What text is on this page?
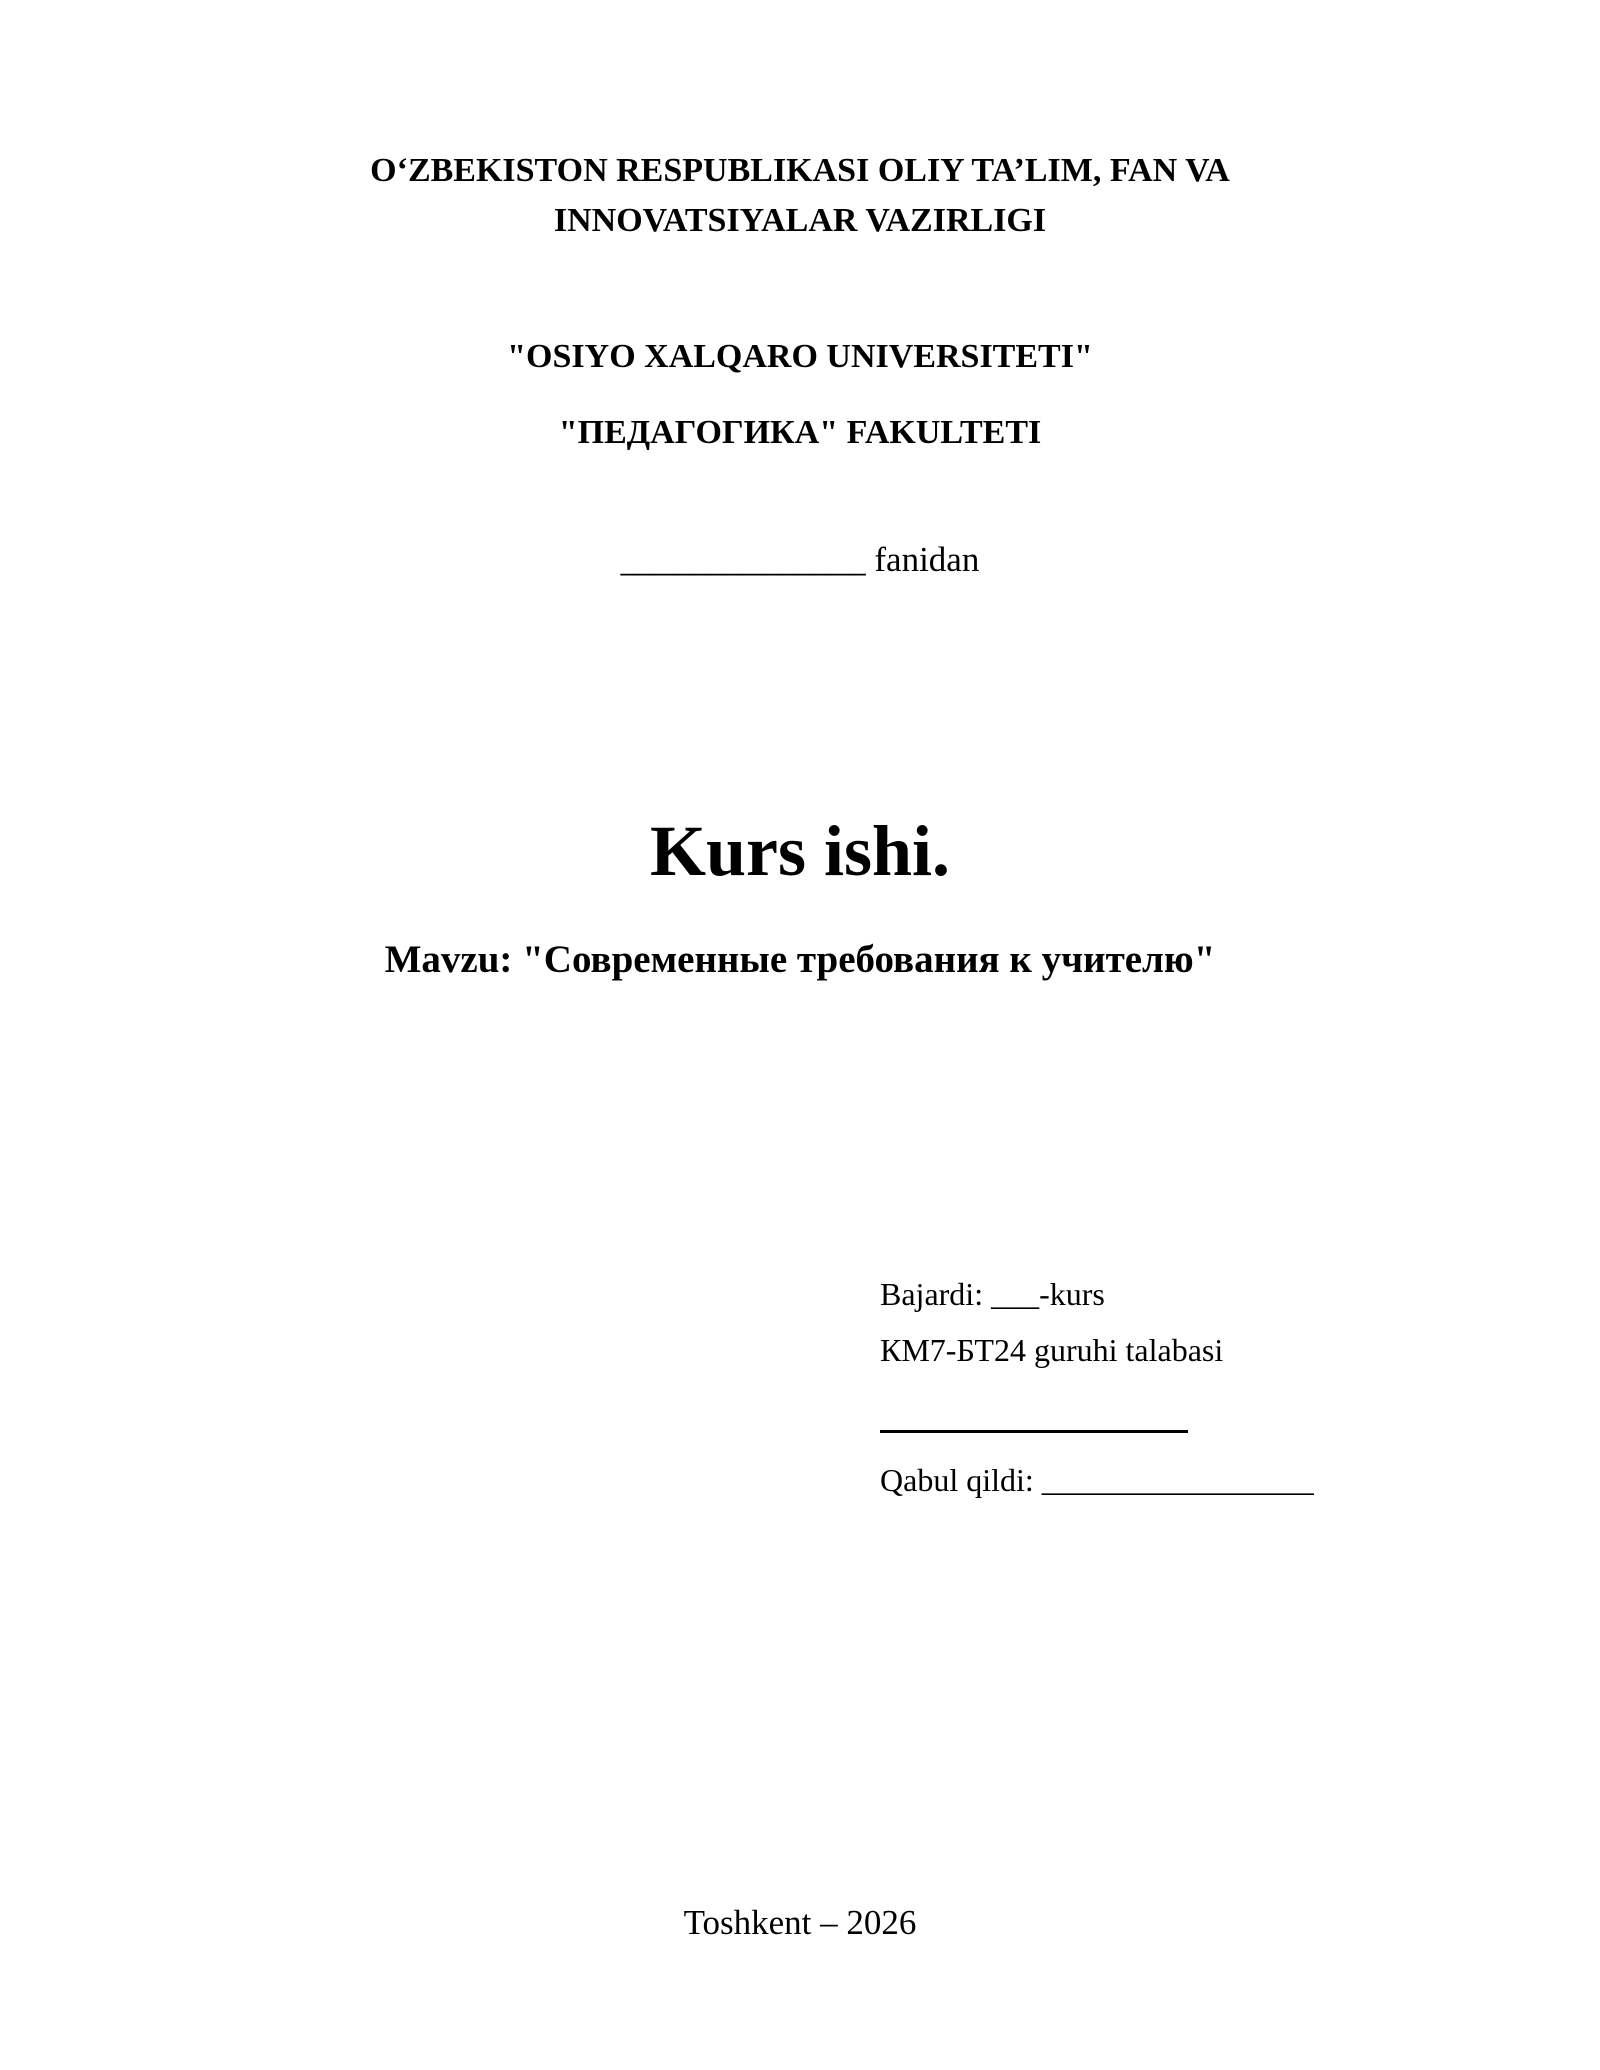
O‘ZBEKISTON RESPUBLIKASI OLIY TA’LIM, FAN VA
INNOVATSIYALAR VAZIRLIGI
"OSIYO XALQARO UNIVERSITETI"
"ПЕДАГОГИКА" FAKULTETI
______________ fanidan
Kurs ishi.
Mavzu: "Современные требования к учителю"
Bajardi: ___-kurs
КМ7-БТ24 guruhi talabasi
Qabul qildi: _________________
Toshkent – 2026
